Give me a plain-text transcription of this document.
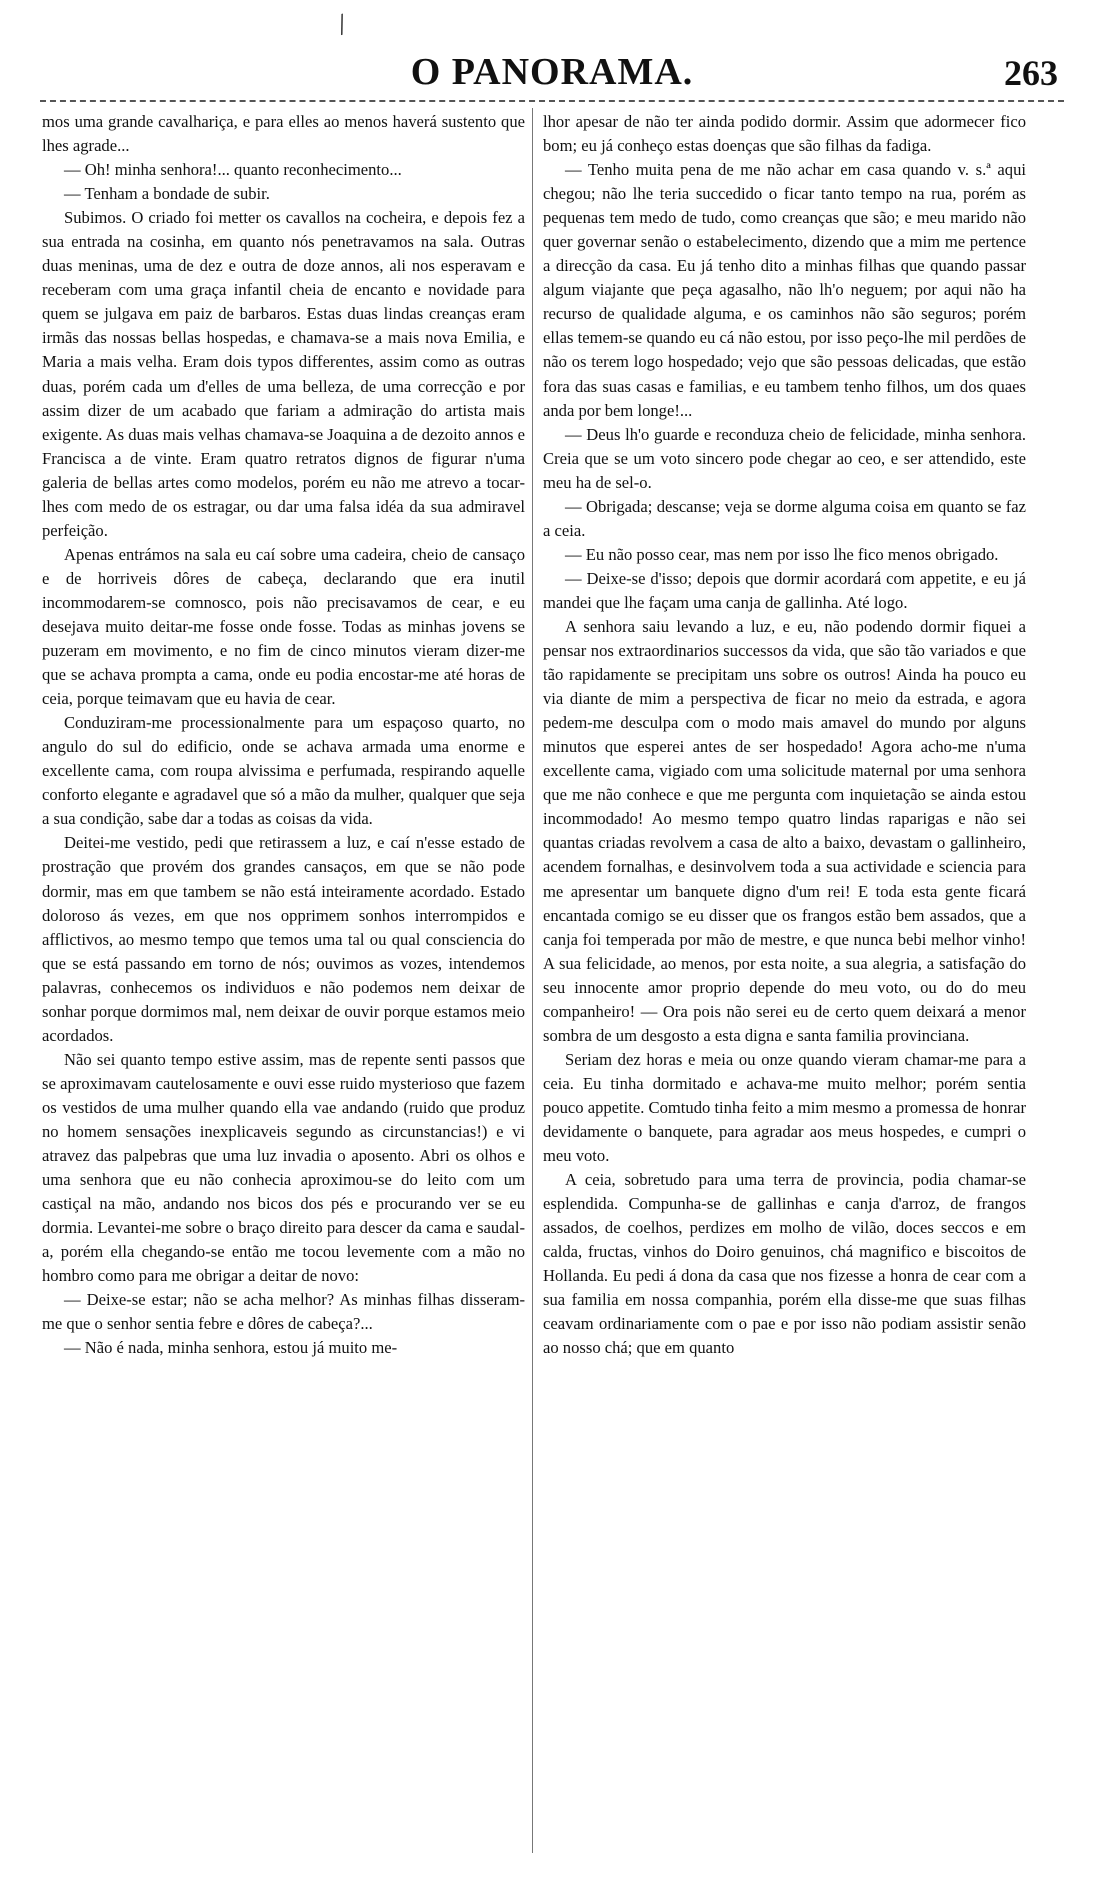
/
O PANORAMA.	263

mos uma grande cavalhariça, e para elles ao menos haverá sustento que lhes agrade...

— Oh! minha senhora!... quanto reconhecimento...

— Tenham a bondade de subir.

Subimos. O criado foi metter os cavallos na cocheira, e depois fez a sua entrada na cosinha, em quanto nós penetravamos na sala. Outras duas meninas, uma de dez e outra de doze annos, ali nos esperavam e receberam com uma graça infantil cheia de encanto e novidade para quem se julgava em paiz de barbaros. Estas duas lindas creanças eram irmãs das nossas bellas hospedas, e chamava-se a mais nova Emilia, e Maria a mais velha. Eram dois typos differentes, assim como as outras duas, porém cada um d'elles de uma belleza, de uma correcção e por assim dizer de um acabado que fariam a admiração do artista mais exigente. As duas mais velhas chamava-se Joaquina a de dezoito annos e Francisca a de vinte. Eram quatro retratos dignos de figurar n'uma galeria de bellas artes como modelos, porém eu não me atrevo a tocar-lhes com medo de os estragar, ou dar uma falsa idéa da sua admiravel perfeição.

Apenas entrámos na sala eu caí sobre uma cadeira, cheio de cansaço e de horriveis dôres de cabeça, declarando que era inutil incommodarem-se comnosco, pois não precisavamos de cear, e eu desejava muito deitar-me fosse onde fosse. Todas as minhas jovens se puzeram em movimento, e no fim de cinco minutos vieram dizer-me que se achava promptа a cama, onde eu podia encostar-me até horas de ceia, porque teimavam que eu havia de cear.

Conduziram-me processionalmente para um espaçoso quarto, no angulo do sul do edificio, onde se achava armada uma enorme e excellente cama, com roupa alvissima e perfumada, respirando aquelle conforto elegante e agradavel que só a mão da mulher, qualquer que seja a sua condição, sabe dar a todas as coisas da vida.

Deitei-me vestido, pedi que retirassem a luz, e caí n'esse estado de prostração que provém dos grandes cansaços, em que se não pode dormir, mas em que tambem se não está inteiramente acordado. Estado doloroso ás vezes, em que nos opprimem sonhos interrompidos e afflictivos, ao mesmo tempo que temos uma tal ou qual consciencia do que se está passando em torno de nós; ouvimos as vozes, intendemos palavras, conhecemos os individuos e não podemos nem deixar de sonhar porque dormimos mal, nem deixar de ouvir porque estamos meio acordados.

Não sei quanto tempo estive assim, mas de repente senti passos que se aproximavam cautelosamente e ouvi esse ruido mysterioso que fazem os vestidos de uma mulher quando ella vae andando (ruido que produz no homem sensações inexplicaveis segundo as circunstancias!) e vi atravez das palpebras que uma luz invadia o aposento. Abri os olhos e uma senhora que eu não conhecia aproximou-se do leito com um castiçal na mão, andando nos bicos dos pés e procurando ver se eu dormia. Levantei-me sobre o braço direito para descer da cama e saudal-a, porém ella chegando-se então me tocou levemente com a mão no hombro como para me obrigar a deitar de novo:

— Deixe-se estar; não se acha melhor? As minhas filhas disseram-me que o senhor sentia febre e dôres de cabeça?...

— Não é nada, minha senhora, estou já muito me-

lhor apesar de não ter ainda podido dormir. Assim que adormecer fico bom; eu já conheço estas doenças que são filhas da fadiga.

— Tenho muita pena de me não achar em casa quando v. s.ª aqui chegou; não lhe teria succedido o ficar tanto tempo na rua, porém as pequenas tem medo de tudo, como creanças que são; e meu marido não quer governar senão o estabelecimento, dizendo que a mim me pertence a direcção da casa. Eu já tenho dito a minhas filhas que quando passar algum viajante que peça agasalho, não lh'o neguem; por aqui não ha recurso de qualidade alguma, e os caminhos não são seguros; porém ellas temem-se quando eu cá não estou, por isso peço-lhe mil perdões de não os terem logo hospedado; vejo que são pessoas delicadas, que estão fora das suas casas e familias, e eu tambem tenho filhos, um dos quaes anda por bem longe!...

— Deus lh'o guarde e reconduza cheio de felicidade, minha senhora. Creia que se um voto sincero pode chegar ao ceo, e ser attendido, este meu ha de sel-o.

— Obrigada; descanse; veja se dorme alguma coisa em quanto se faz a ceia.

— Eu não posso cear, mas nem por isso lhe fico menos obrigado.

— Deixe-se d'isso; depois que dormir acordará com appetite, e eu já mandei que lhe façam uma canja de gallinha. Até logo.

A senhora saiu levando a luz, e eu, não podendo dormir fiquei a pensar nos extraordinarios successos da vida, que são tão variados e que tão rapidamente se precipitam uns sobre os outros! Ainda ha pouco eu via diante de mim a perspectiva de ficar no meio da estrada, e agora pedem-me desculpa com o modo mais amavel do mundo por alguns minutos que esperei antes de ser hospedado! Agora acho-me n'uma excellente cama, vigiado com uma solicitude maternal por uma senhora que me não conhece e que me pergunta com inquietação se ainda estou incommodado! Ao mesmo tempo quatro lindas raparigas e não sei quantas criadas revolvem a casa de alto a baixo, devastam o gallinheiro, acendem fornalhas, e desinvolvem toda a sua actividade e sciencia para me apresentar um banquete digno d'um rei! E toda esta gente ficará encantada comigo se eu disser que os frangos estão bem assados, que a canja foi temperada por mão de mestre, e que nunca bebi melhor vinho! A sua felicidade, ao menos, por esta noite, a sua alegria, a satisfação do seu innocente amor proprio depende do meu voto, ou do do meu companheiro! — Ora pois não serei eu de certo quem deixará a menor sombra de um desgosto a esta digna e santa familia provinciana.

Seriam dez horas e meia ou onze quando vieram chamar-me para a ceia. Eu tinha dormitado e achava-me muito melhor; porém sentia pouco appetite. Comtudo tinha feito a mim mesmo a promessa de honrar devidamente o banquete, para agradar aos meus hospedes, e cumpri o meu voto.

A ceia, sobretudo para uma terra de provincia, podia chamar-se esplendida. Compunha-se de gallinhas e canja d'arroz, de frangos assados, de coelhos, perdizes em molho de vilão, doces seccos e em calda, fructas, vinhos do Doiro genuinos, chá magnifico e biscoitos de Hollanda. Eu pedi á dona da casa que nos fizesse a honra de cear com a sua familia em nossa companhia, porém ella disse-me que suas filhas ceavam ordinariamente com o pae e por isso não podiam assistir senão ao nosso chá; que em quanto
